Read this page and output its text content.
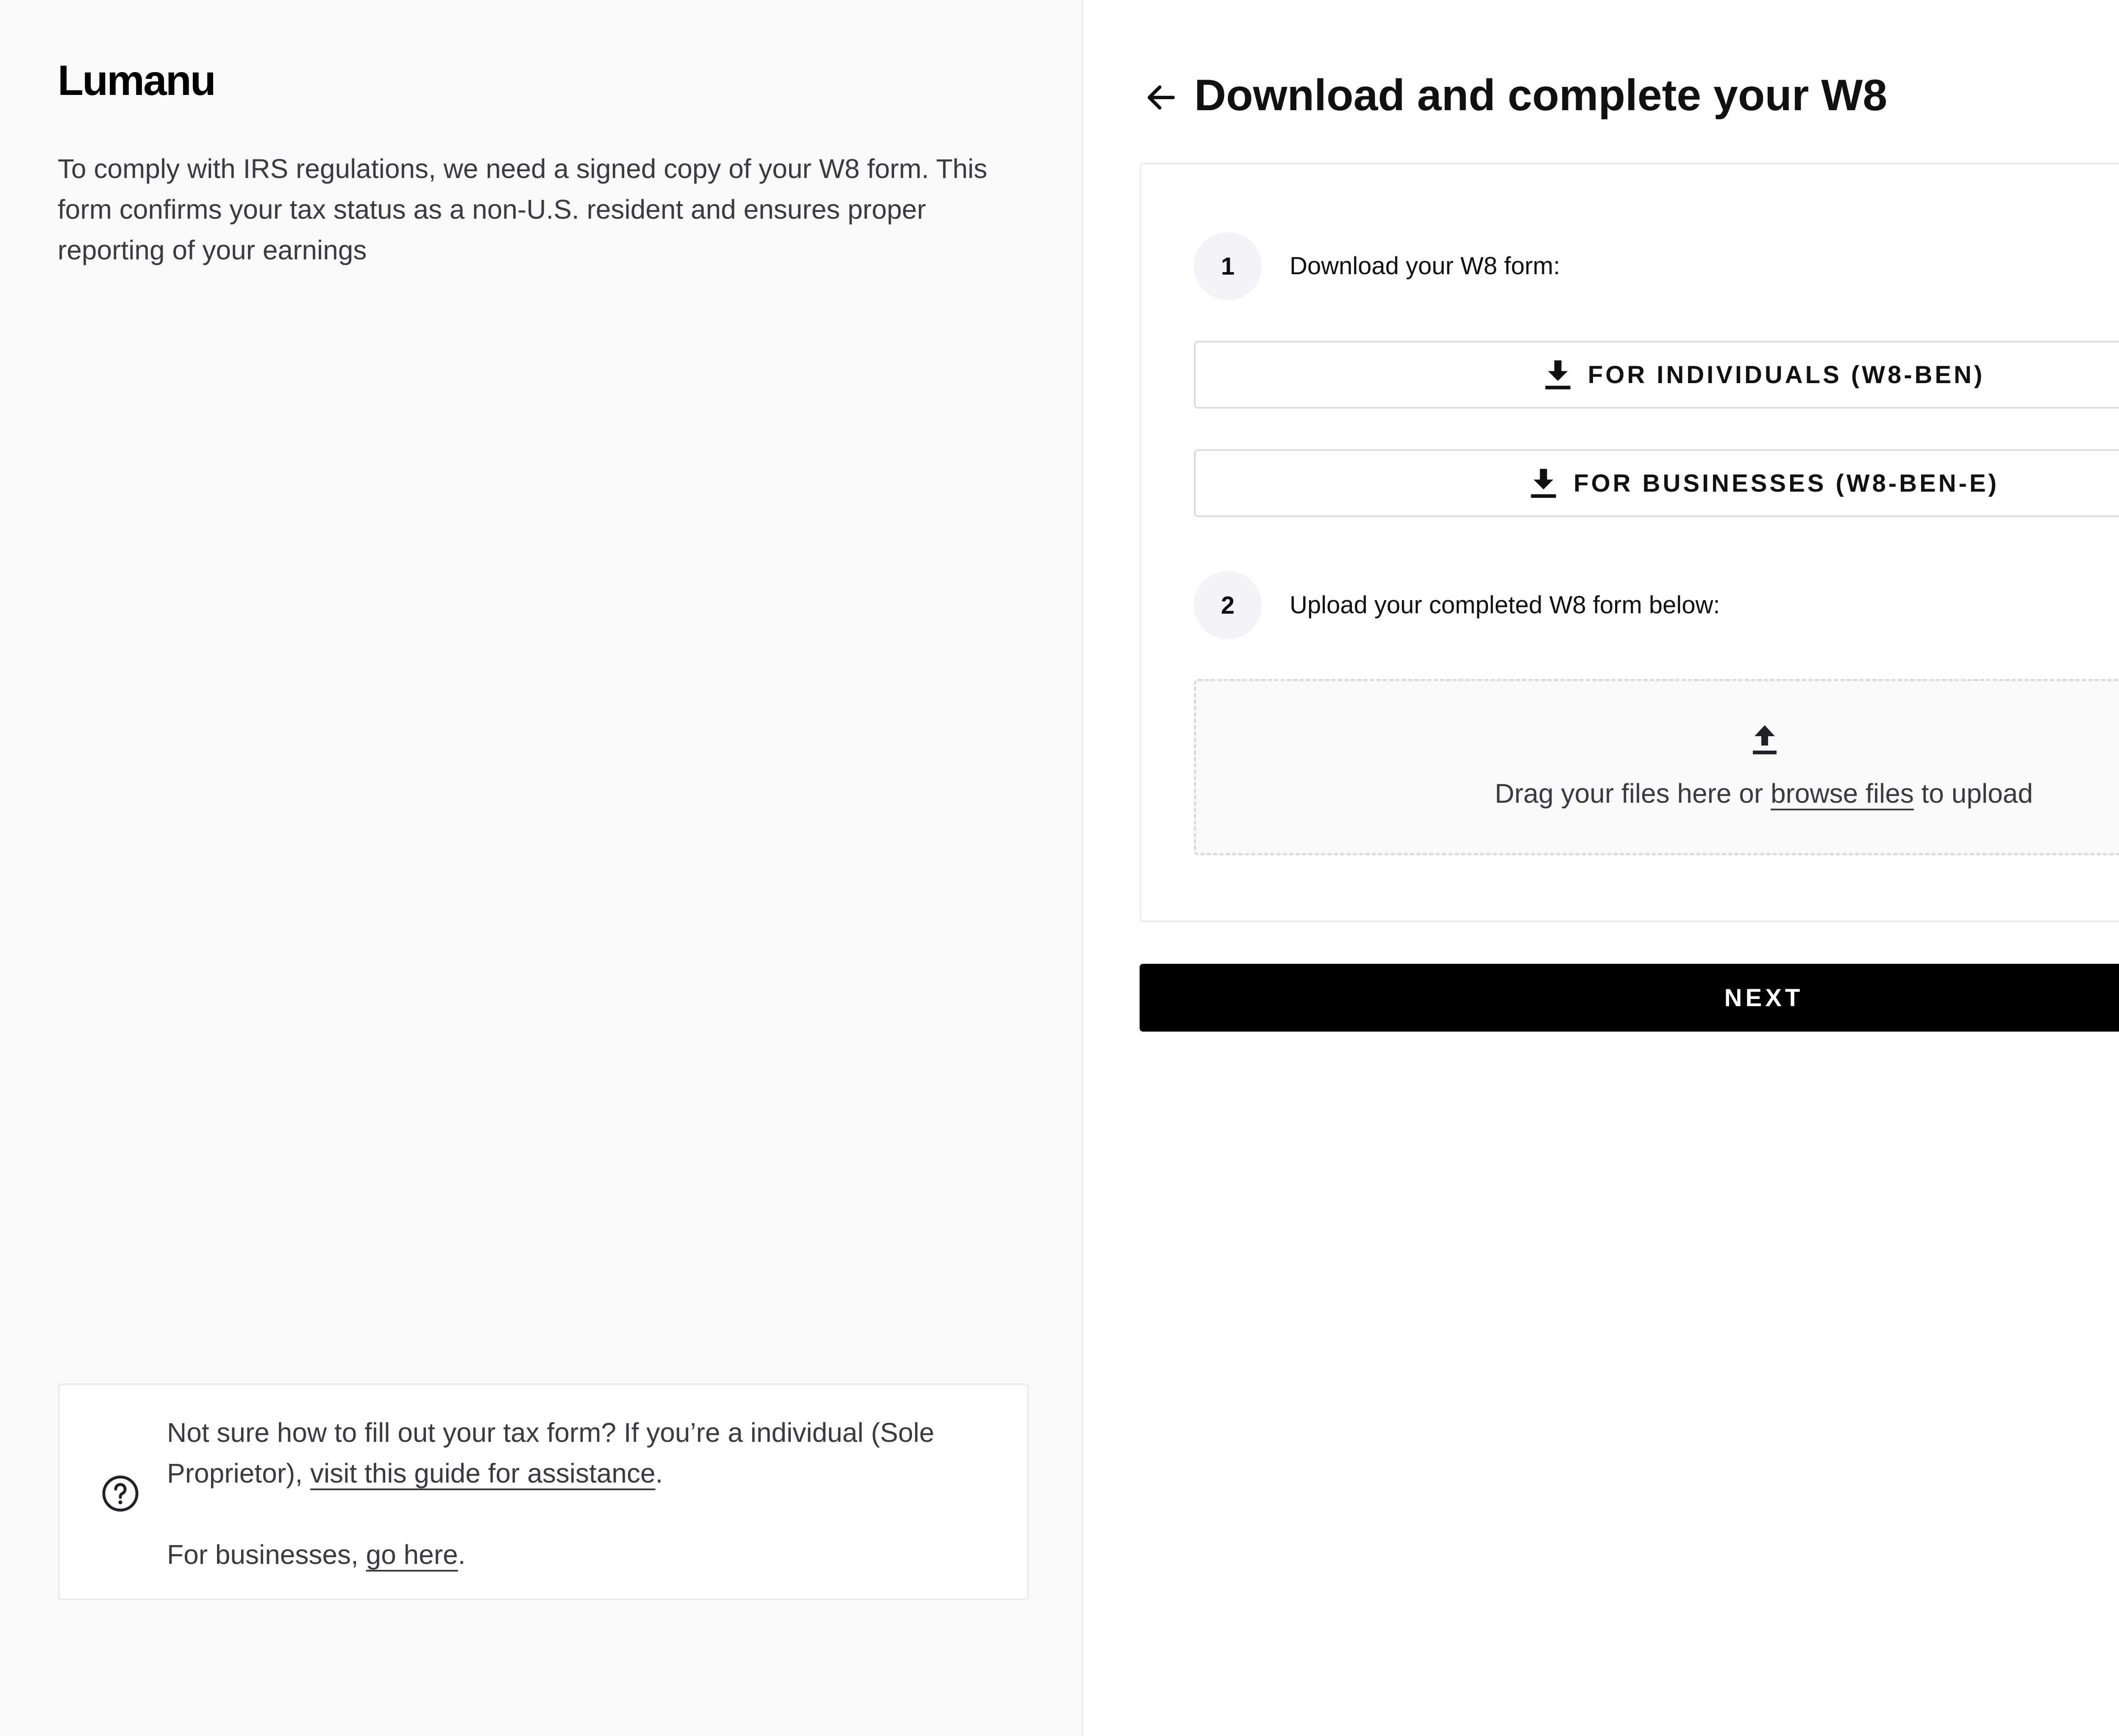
Lumanu

To comply with IRS regulations, we need a signed copy of your W8 form. This form confirms your tax status as a non-U.S. resident and ensures proper reporting of your earnings

Not sure how to fill out your tax form? If you’re a individual (Sole Proprietor), visit this guide for assistance.

For businesses, go here.

Download and complete your W8
1	Download your W8 form:
FOR INDIVIDUALS (W8-BEN)
FOR BUSINESSES (W8-BEN-E)
2	Upload your completed W8 form below:
Drag your files here or browse files to upload
NEXT
